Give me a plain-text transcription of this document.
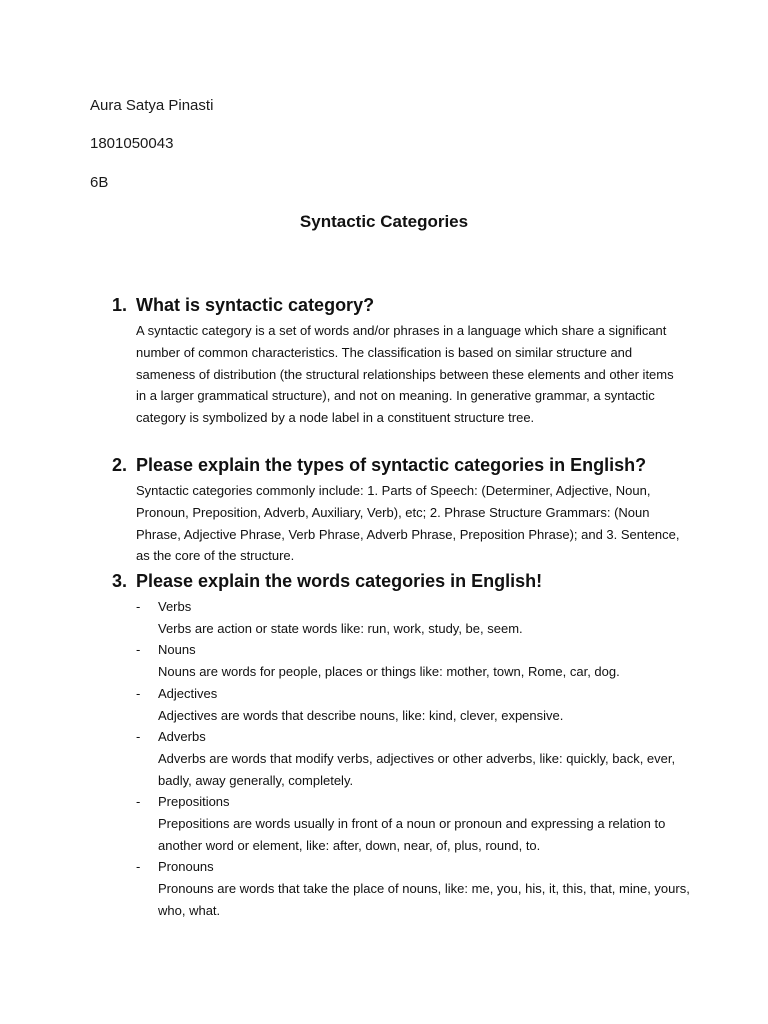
Aura Satya Pinasti
1801050043
6B
Syntactic Categories
1. What is syntactic category?

A syntactic category is a set of words and/or phrases in a language which share a significant number of common characteristics. The classification is based on similar structure and sameness of distribution (the structural relationships between these elements and other items in a larger grammatical structure), and not on meaning. In generative grammar, a syntactic category is symbolized by a node label in a constituent structure tree.

2. Please explain the types of syntactic categories in English?

Syntactic categories commonly include: 1. Parts of Speech: (Determiner, Adjective, Noun, Pronoun, Preposition, Adverb, Auxiliary, Verb), etc; 2. Phrase Structure Grammars: (Noun Phrase, Adjective Phrase, Verb Phrase, Adverb Phrase, Preposition Phrase); and 3. Sentence, as the core of the structure.

3. Please explain the words categories in English!
-	Verbs
Verbs are action or state words like: run, work, study, be, seem.
-	Nouns
Nouns are words for people, places or things like: mother, town, Rome, car, dog.
-	Adjectives
Adjectives are words that describe nouns, like: kind, clever, expensive.
-	Adverbs
Adverbs are words that modify verbs, adjectives or other adverbs, like: quickly, back, ever, badly, away generally, completely.
-	Prepositions
Prepositions are words usually in front of a noun or pronoun and expressing a relation to another word or element, like: after, down, near, of, plus, round, to.
-	Pronouns
Pronouns are words that take the place of nouns, like: me, you, his, it, this, that, mine, yours, who, what.
